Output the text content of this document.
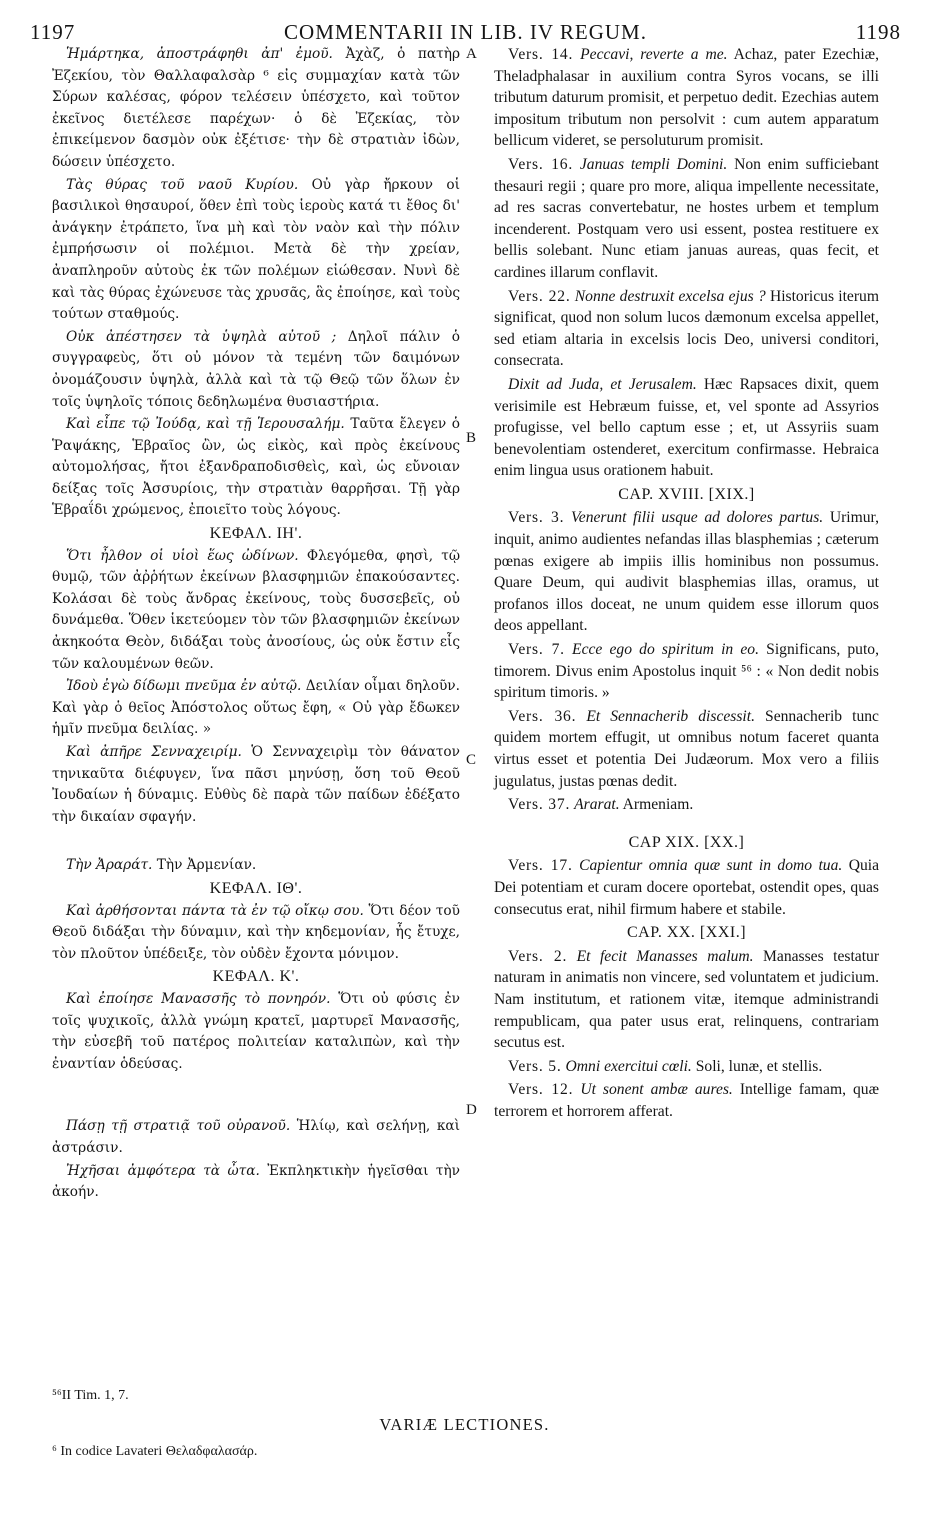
1197	COMMENTARII IN LIB. IV REGUM.	1198
A
B
C
D

Ἡμάρτηκα, ἀποστράφηθι ἀπ' ἐμοῦ. Ἀχὰζ, ὁ πατὴρ Ἐζεκίου, τὸν Θαλλαφαλσὰρ ⁶ εἰς συμμαχίαν κατὰ τῶν Σύρων καλέσας, φόρον τελέσειν ὑπέσχετο, καὶ τοῦτον ἐκεῖνος διετέλεσε παρέχων· ὁ δὲ Ἐζεκίας, τὸν ἐπικείμενον δασμὸν οὐκ ἐξέτισε· τὴν δὲ στρατιὰν ἰδὼν, δώσειν ὑπέσχετο.

Τὰς θύρας τοῦ ναοῦ Κυρίου. Οὐ γὰρ ἤρκουν οἱ βασιλικοὶ θησαυροί, ὅθεν ἐπὶ τοὺς ἱεροὺς κατά τι ἔθος δι' ἀνάγκην ἐτράπετο, ἵνα μὴ καὶ τὸν ναὸν καὶ τὴν πόλιν ἐμπρήσωσιν οἱ πολέμιοι. Μετὰ δὲ τὴν χρείαν, ἀναπληροῦν αὐτοὺς ἐκ τῶν πολέμων εἰώθεσαν. Νυνὶ δὲ καὶ τὰς θύρας ἐχώνευσε τὰς χρυσᾶς, ἃς ἐποίησε, καὶ τοὺς τούτων σταθμούς.

Οὐκ ἀπέστησεν τὰ ὑψηλὰ αὐτοῦ ; Δηλοῖ πάλιν ὁ συγγραφεὺς, ὅτι οὐ μόνον τὰ τεμένη τῶν δαιμόνων ὀνομάζουσιν ὑψηλὰ, ἀλλὰ καὶ τὰ τῷ Θεῷ τῶν ὅλων ἐν τοῖς ὑψηλοῖς τόποις δεδηλωμένα θυσιαστήρια.

Καὶ εἶπε τῷ Ἰούδᾳ, καὶ τῇ Ἱερουσαλήμ. Ταῦτα ἔλεγεν ὁ Ῥαψάκης, Ἑβραῖος ὢν, ὡς εἰκὸς, καὶ πρὸς ἐκείνους αὐτομολήσας, ἤτοι ἐξανδραποδισθεὶς, καὶ, ὡς εὔνοιαν δείξας τοῖς Ἀσσυρίοις, τὴν στρατιὰν θαρρῆσαι. Τῇ γὰρ Ἑβραΐδι χρώμενος, ἐποιεῖτο τοὺς λόγους.

ΚΕΦΑΛ. ΙΗ'.

Ὅτι ἦλθον οἱ υἱοὶ ἕως ὠδίνων. Φλεγόμεθα, φησὶ, τῷ θυμῷ, τῶν ἀῤῥήτων ἐκείνων βλασφημιῶν ἐπακούσαντες. Κολάσαι δὲ τοὺς ἄνδρας ἐκείνους, τοὺς δυσσεβεῖς, οὐ δυνάμεθα. Ὅθεν ἱκετεύομεν τὸν τῶν βλασφημιῶν ἐκείνων ἀκηκοότα Θεὸν, διδάξαι τοὺς ἀνοσίους, ὡς οὐκ ἔστιν εἷς τῶν καλουμένων θεῶν.

Ἰδοὺ ἐγὼ δίδωμι πνεῦμα ἐν αὐτῷ. Δειλίαν οἶμαι δηλοῦν. Καὶ γὰρ ὁ θεῖος Ἀπόστολος οὕτως ἔφη, « Οὐ γὰρ ἔδωκεν ἡμῖν πνεῦμα δειλίας. »

Καὶ ἀπῆρε Σενναχειρίμ. Ὁ Σενναχειρὶμ τὸν θάνατον τηνικαῦτα διέφυγεν, ἵνα πᾶσι μηνύσῃ, ὅση τοῦ Θεοῦ Ἰουδαίων ἡ δύναμις. Εὐθὺς δὲ παρὰ τῶν παίδων ἐδέξατο τὴν δικαίαν σφαγήν.

Τὴν Ἀραράτ. Τὴν Ἀρμενίαν.

ΚΕΦΑΛ. ΙΘ'.

Καὶ ἀρθήσονται πάντα τὰ ἐν τῷ οἴκῳ σου. Ὅτι δέον τοῦ Θεοῦ διδάξαι τὴν δύναμιν, καὶ τὴν κηδεμονίαν, ἧς ἔτυχε, τὸν πλοῦτον ὑπέδειξε, τὸν οὐδὲν ἔχοντα μόνιμον.

ΚΕΦΑΛ. Κ'.

Καὶ ἐποίησε Μανασσῆς τὸ πονηρόν. Ὅτι οὐ φύσις ἐν τοῖς ψυχικοῖς, ἀλλὰ γνώμη κρατεῖ, μαρτυρεῖ Μανασσῆς, τὴν εὐσεβῆ τοῦ πατέρος πολιτείαν καταλιπὼν, καὶ τὴν ἐναντίαν ὁδεύσας.

Πάσῃ τῇ στρατιᾷ τοῦ οὐρανοῦ. Ἡλίῳ, καὶ σελήνῃ, καὶ ἀστράσιν.

Ἠχῆσαι ἀμφότερα τὰ ὦτα. Ἐκπληκτικὴν ἡγεῖσθαι τὴν ἀκοήν.

⁵⁶II Tim. 1, 7.

Vers. 14. Peccavi, reverte a me. Achaz, pater Ezechiæ, Theladphalasar in auxilium contra Syros vocans, se illi tributum daturum promisit, et perpetuo dedit. Ezechias autem impositum tributum non persolvit : cum autem apparatum bellicum videret, se persoluturum promisit.

Vers. 16. Januas templi Domini. Non enim sufficiebant thesauri regii ; quare pro more, aliqua impellente necessitate, ad res sacras convertebatur, ne hostes urbem et templum incenderent. Postquam vero usi essent, postea restituere ex bellis solebant. Nunc etiam januas aureas, quas fecit, et cardines illarum conflavit.

Vers. 22. Nonne destruxit excelsa ejus ? Historicus iterum significat, quod non solum lucos dæmonum excelsa appellet, sed etiam altaria in excelsis locis Deo, universi conditori, consecrata.

Dixit ad Juda, et Jerusalem. Hæc Rapsaces dixit, quem verisimile est Hebræum fuisse, et, vel sponte ad Assyrios profugisse, vel bello captum esse ; et, ut Assyriis suam benevolentiam ostenderet, exercitum confirmasse. Hebraica enim lingua usus orationem habuit.

CAP. XVIII. [XIX.]

Vers. 3. Venerunt filii usque ad dolores partus. Urimur, inquit, animo audientes nefandas illas blasphemias ; cæterum pœnas exigere ab impiis illis hominibus non possumus. Quare Deum, qui audivit blasphemias illas, oramus, ut profanos illos doceat, ne unum quidem esse illorum quos deos appellant.

Vers. 7. Ecce ego do spiritum in eo. Significans, puto, timorem. Divus enim Apostolus inquit ⁵⁶ : « Non dedit nobis spiritum timoris. »

Vers. 36. Et Sennacherib discessit. Sennacherib tunc quidem mortem effugit, ut omnibus notum faceret quanta virtus esset et potentia Dei Judæorum. Mox vero a filiis jugulatus, justas pœnas dedit.

Vers. 37. Ararat. Armeniam.

CAP XIX. [XX.]

Vers. 17. Capientur omnia quæ sunt in domo tua. Quia Dei potentiam et curam docere oportebat, ostendit opes, quas consecutus erat, nihil firmum habere et stabile.

CAP. XX. [XXI.]

Vers. 2. Et fecit Manasses malum. Manasses testatur naturam in animatis non vincere, sed voluntatem et judicium. Nam institutum, et rationem vitæ, itemque administrandi rempublicam, qua pater usus erat, relinquens, contrariam secutus est.

Vers. 5. Omni exercitui cœli. Soli, lunæ, et stellis.

Vers. 12. Ut sonent ambæ aures. Intellige famam, quæ terrorem et horrorem afferat.

VARIÆ LECTIONES.
⁶ In codice Lavateri Θελαδφαλασάρ.
